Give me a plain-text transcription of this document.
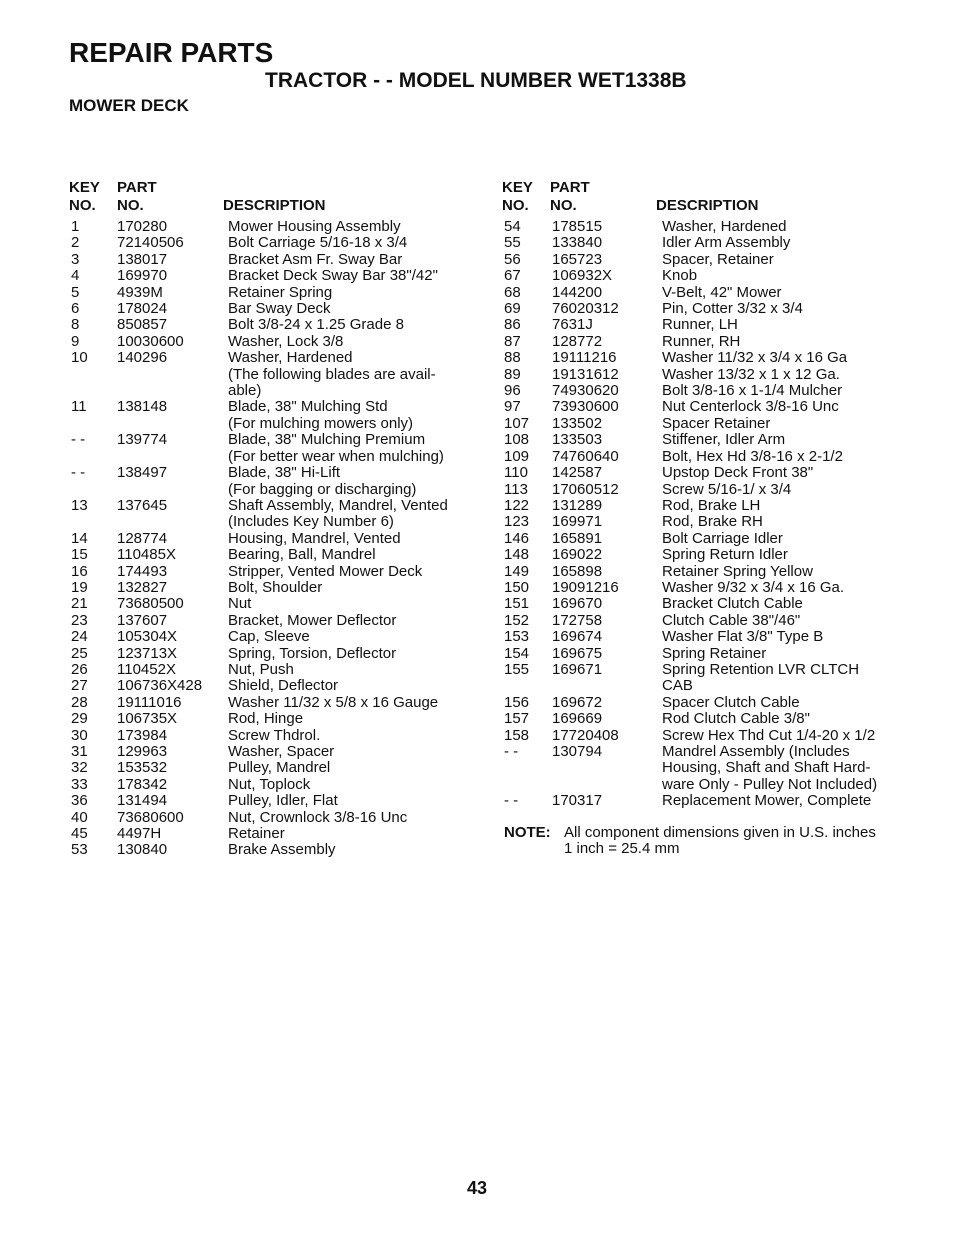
REPAIR PARTS
TRACTOR - - MODEL NUMBER WET1338B
MOWER DECK
KEY
NO.
PART
NO.	DESCRIPTION
1	170280	Mower Housing Assembly
2	72140506	Bolt Carriage 5/16-18 x 3/4
3	138017	Bracket Asm Fr. Sway Bar
4	169970	Bracket Deck Sway Bar 38"/42"
5	4939M	Retainer Spring
6	178024	Bar Sway Deck
8	850857	Bolt 3/8-24 x 1.25 Grade 8
9	10030600	Washer, Lock 3/8
10	140296	Washer, Hardened
(The following blades are avail-
able)
11	138148	Blade, 38" Mulching Std
(For mulching mowers only)
- -	139774	Blade, 38" Mulching Premium
(For better wear when mulching)
- -	138497	Blade, 38" Hi-Lift
(For bagging or discharging)
13	137645	Shaft Assembly, Mandrel, Vented
(Includes Key Number 6)
14	128774	Housing, Mandrel, Vented
15	110485X	Bearing, Ball, Mandrel
16	174493	Stripper, Vented Mower Deck
19	132827	Bolt, Shoulder
21	73680500	Nut
23	137607	Bracket, Mower Deflector
24	105304X	Cap, Sleeve
25	123713X	Spring, Torsion, Deflector
26	110452X	Nut, Push
27	106736X428	Shield, Deflector
28	19111016	Washer 11/32 x 5/8 x 16 Gauge
29	106735X	Rod, Hinge
30	173984	Screw Thdrol.
31	129963	Washer, Spacer
32	153532	Pulley, Mandrel
33	178342	Nut, Toplock
36	131494	Pulley, Idler, Flat
40	73680600	Nut, Crownlock 3/8-16 Unc
45	4497H	Retainer
53	130840	Brake Assembly
KEY
NO.
PART
NO.	DESCRIPTION
54	178515	Washer, Hardened
55	133840	Idler Arm Assembly
56	165723	Spacer, Retainer
67	106932X	Knob
68	144200	V-Belt, 42" Mower
69	76020312	Pin, Cotter 3/32 x 3/4
86	7631J	Runner, LH
87	128772	Runner, RH
88	19111216	Washer 11/32 x 3/4 x 16 Ga
89	19131612	Washer 13/32 x 1 x 12 Ga.
96	74930620	Bolt 3/8-16 x 1-1/4 Mulcher
97	73930600	Nut Centerlock 3/8-16 Unc
107	133502	Spacer Retainer
108	133503	Stiffener, Idler Arm
109	74760640	Bolt, Hex Hd 3/8-16 x 2-1/2
110	142587	Upstop Deck Front 38"
113	17060512	Screw 5/16-1/ x 3/4
122	131289	Rod, Brake LH
123	169971	Rod, Brake RH
146	165891	Bolt Carriage Idler
148	169022	Spring Return Idler
149	165898	Retainer Spring Yellow
150	19091216	Washer 9/32 x 3/4 x 16 Ga.
151	169670	Bracket Clutch Cable
152	172758	Clutch Cable 38"/46"
153	169674	Washer Flat 3/8" Type B
154	169675	Spring Retainer
155	169671	Spring Retention LVR CLTCH
CAB
156	169672	Spacer Clutch Cable
157	169669	Rod Clutch Cable 3/8"
158	17720408	Screw Hex Thd Cut 1/4-20 x 1/2
- -	130794	Mandrel Assembly (Includes
Housing, Shaft and Shaft Hard-
ware Only - Pulley Not Included)
- -	170317	Replacement Mower, Complete
NOTE: All component dimensions given in U.S. inches
1 inch = 25.4 mm
43
